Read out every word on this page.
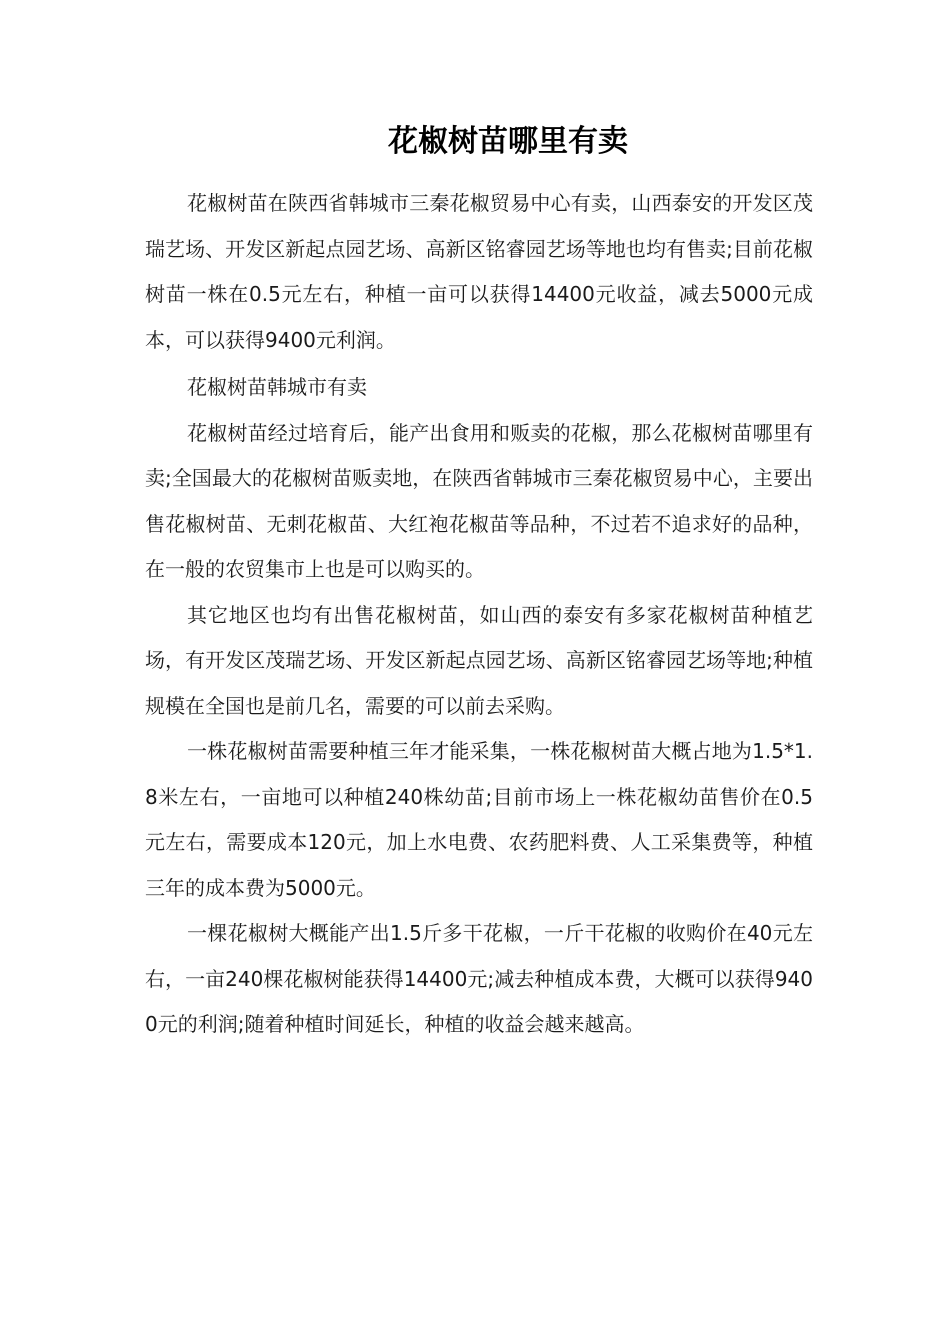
花椒树苗哪里有卖

花椒树苗在陕西省韩城市三秦花椒贸易中心有卖，山西泰安的开发区茂瑞艺场、开发区新起点园艺场、高新区铭睿园艺场等地也均有售卖;目前花椒树苗一株在0.5元左右，种植一亩可以获得14400元收益，减去5000元成本，可以获得9400元利润。

花椒树苗韩城市有卖

花椒树苗经过培育后，能产出食用和贩卖的花椒，那么花椒树苗哪里有卖;全国最大的花椒树苗贩卖地，在陕西省韩城市三秦花椒贸易中心，主要出售花椒树苗、无刺花椒苗、大红袍花椒苗等品种，不过若不追求好的品种，在一般的农贸集市上也是可以购买的。

其它地区也均有出售花椒树苗，如山西的泰安有多家花椒树苗种植艺场，有开发区茂瑞艺场、开发区新起点园艺场、高新区铭睿园艺场等地;种植规模在全国也是前几名，需要的可以前去采购。

一株花椒树苗需要种植三年才能采集，一株花椒树苗大概占地为1.5*1.8米左右，一亩地可以种植240株幼苗;目前市场上一株花椒幼苗售价在0.5元左右，需要成本120元，加上水电费、农药肥料费、人工采集费等，种植三年的成本费为5000元。

一棵花椒树大概能产出1.5斤多干花椒，一斤干花椒的收购价在40元左右，一亩240棵花椒树能获得14400元;减去种植成本费，大概可以获得9400元的利润;随着种植时间延长，种植的收益会越来越高。
